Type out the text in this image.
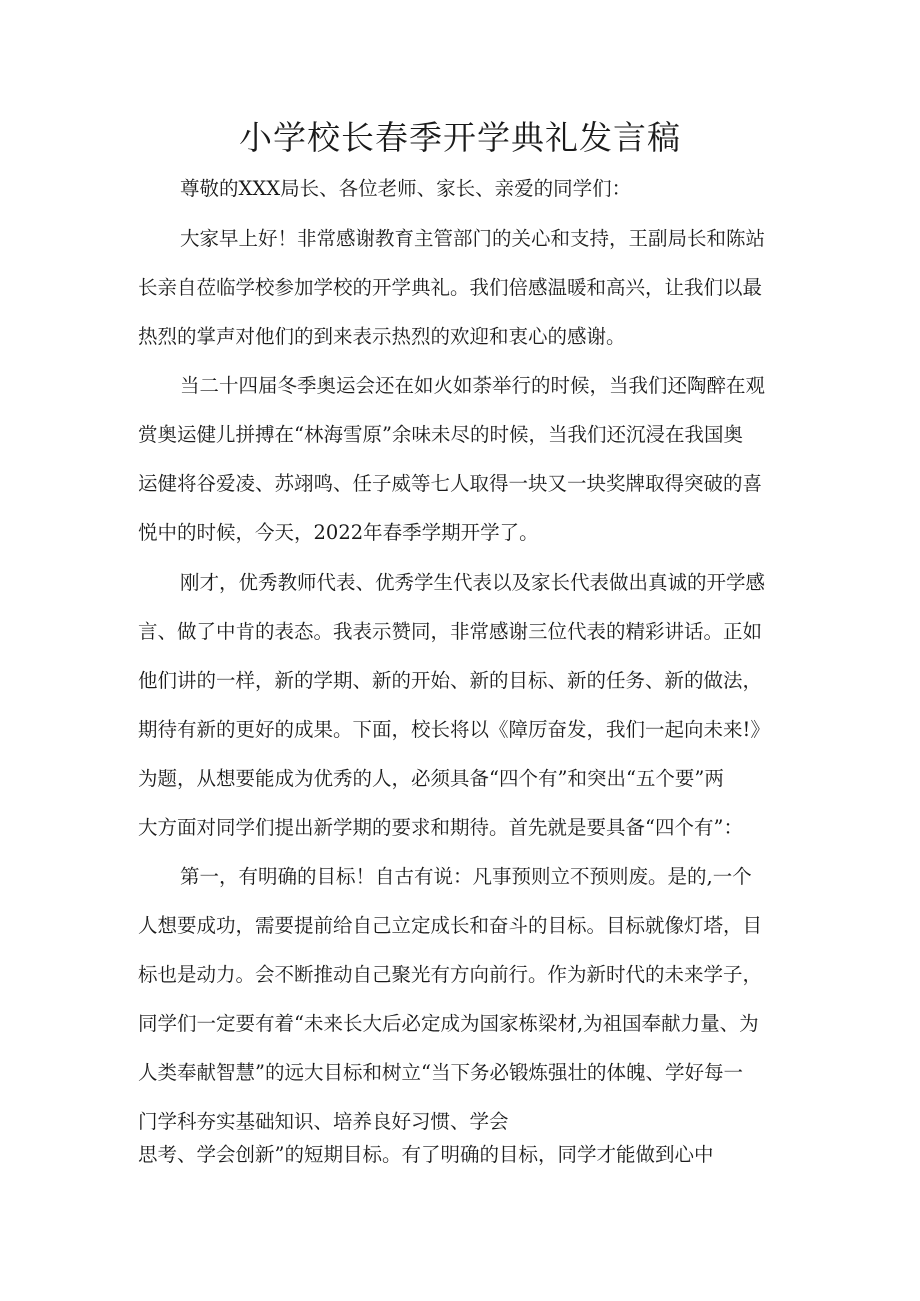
小学校长春季开学典礼发言稿

尊敬的XXX局长、各位老师、家长、亲爱的同学们：

大家早上好！非常感谢教育主管部门的关心和支持，王副局长和陈站

长亲自莅临学校参加学校的开学典礼。我们倍感温暖和高兴，让我们以最

热烈的掌声对他们的到来表示热烈的欢迎和衷心的感谢。

当二十四届冬季奥运会还在如火如荼举行的时候，当我们还陶醉在观

赏奥运健儿拼搏在“林海雪原”余味未尽的时候，当我们还沉浸在我国奥

运健将谷爱凌、苏翊鸣、任子威等七人取得一块又一块奖牌取得突破的喜

悦中的时候，今天，2022年春季学期开学了。

刚才，优秀教师代表、优秀学生代表以及家长代表做出真诚的开学感

言、做了中肯的表态。我表示赞同，非常感谢三位代表的精彩讲话。正如

他们讲的一样，新的学期、新的开始、新的目标、新的任务、新的做法，

期待有新的更好的成果。下面，校长将以《障厉奋发，我们一起向未来!》

为题，从想要能成为优秀的人，必须具备“四个有”和突出“五个要”两

大方面对同学们提出新学期的要求和期待。首先就是要具备“四个有”：

第一，有明确的目标！自古有说：凡事预则立不预则废。是的,一个

人想要成功，需要提前给自己立定成长和奋斗的目标。目标就像灯塔，目

标也是动力。会不断推动自己聚光有方向前行。作为新时代的未来学子，

同学们一定要有着“未来长大后必定成为国家栋梁材,为祖国奉献力量、为

人类奉献智慧”的远大目标和树立“当下务必锻炼强壮的体魄、学好每一

门学科夯实基础知识、培养良好习惯、学会

思考、学会创新”的短期目标。有了明确的目标，同学才能做到心中
